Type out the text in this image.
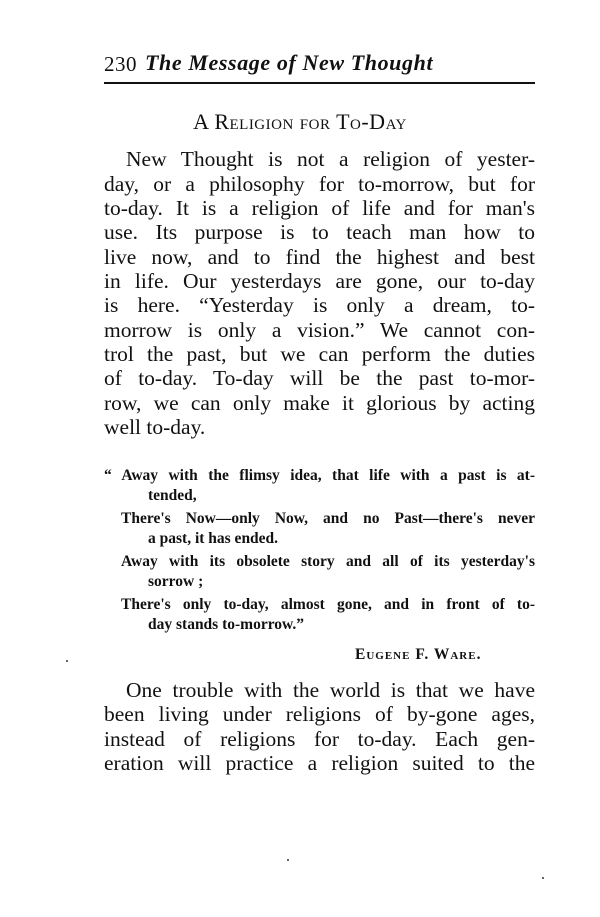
230 The Message of New Thought
A Religion for To-Day
New Thought is not a religion of yester-
day, or a philosophy for to-morrow, but for
to-day. It is a religion of life and for man's
use. Its purpose is to teach man how to
live now, and to find the highest and best
in life. Our yesterdays are gone, our to-day
is here. “Yesterday is only a dream, to-
morrow is only a vision.” We cannot con-
trol the past, but we can perform the duties
of to-day. To-day will be the past to-mor-
row, we can only make it glorious by acting
well to-day.
“ Away with the flimsy idea, that life with a past is at-
tended,
There's Now—only Now, and no Past—there's never
a past, it has ended.
Away with its obsolete story and all of its yesterday's
sorrow ;
There's only to-day, almost gone, and in front of to-
day stands to-morrow.”
Eugene F. Ware.
One trouble with the world is that we have
been living under religions of by-gone ages,
instead of religions for to-day. Each gen-
eration will practice a religion suited to the
